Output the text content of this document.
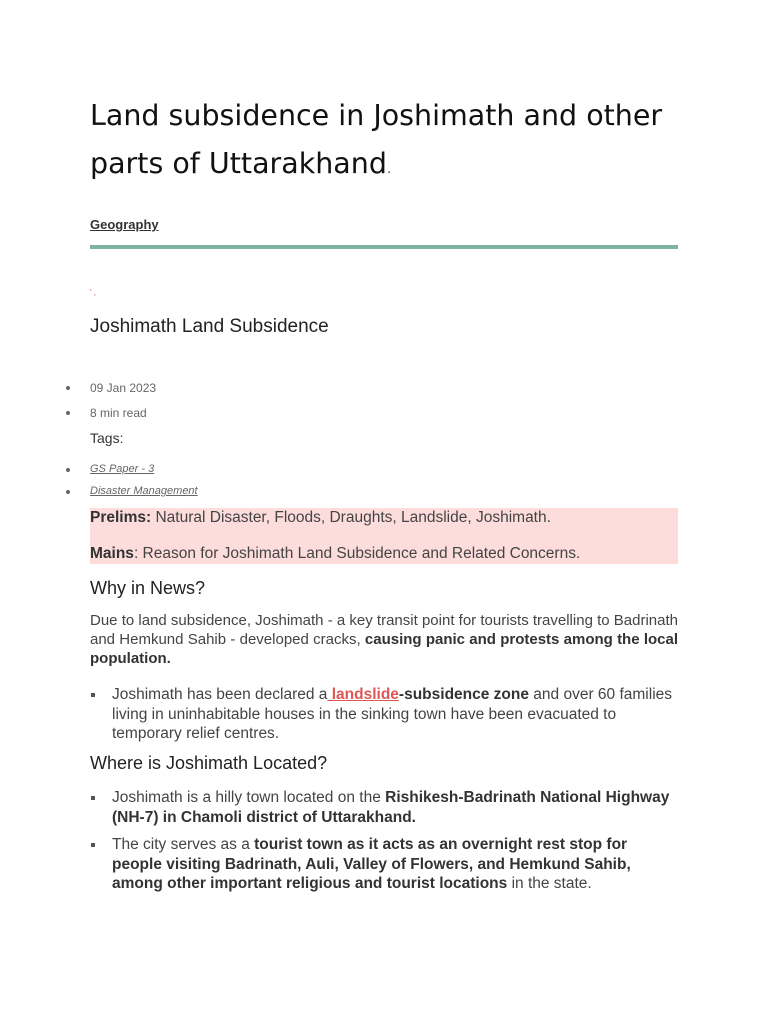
Land subsidence in Joshimath and other parts of Uttarakhand.
Geography
‛ ‚
Joshimath Land Subsidence
09 Jan 2023
8 min read
Tags:
GS Paper - 3
Disaster Management
Prelims: Natural Disaster, Floods, Draughts, Landslide, Joshimath.
Mains: Reason for Joshimath Land Subsidence and Related Concerns.
Why in News?

Due to land subsidence, Joshimath - a key transit point for tourists travelling to Badrinath and Hemkund Sahib - developed cracks, causing panic and protests among the local population.

Joshimath has been declared a landslide-subsidence zone and over 60 families living in uninhabitable houses in the sinking town have been evacuated to temporary relief centres.
Where is Joshimath Located?
Joshimath is a hilly town located on the Rishikesh-Badrinath National Highway (NH-7) in Chamoli district of Uttarakhand.
The city serves as a tourist town as it acts as an overnight rest stop for people visiting Badrinath, Auli, Valley of Flowers, and Hemkund Sahib, among other important religious and tourist locations in the state.
